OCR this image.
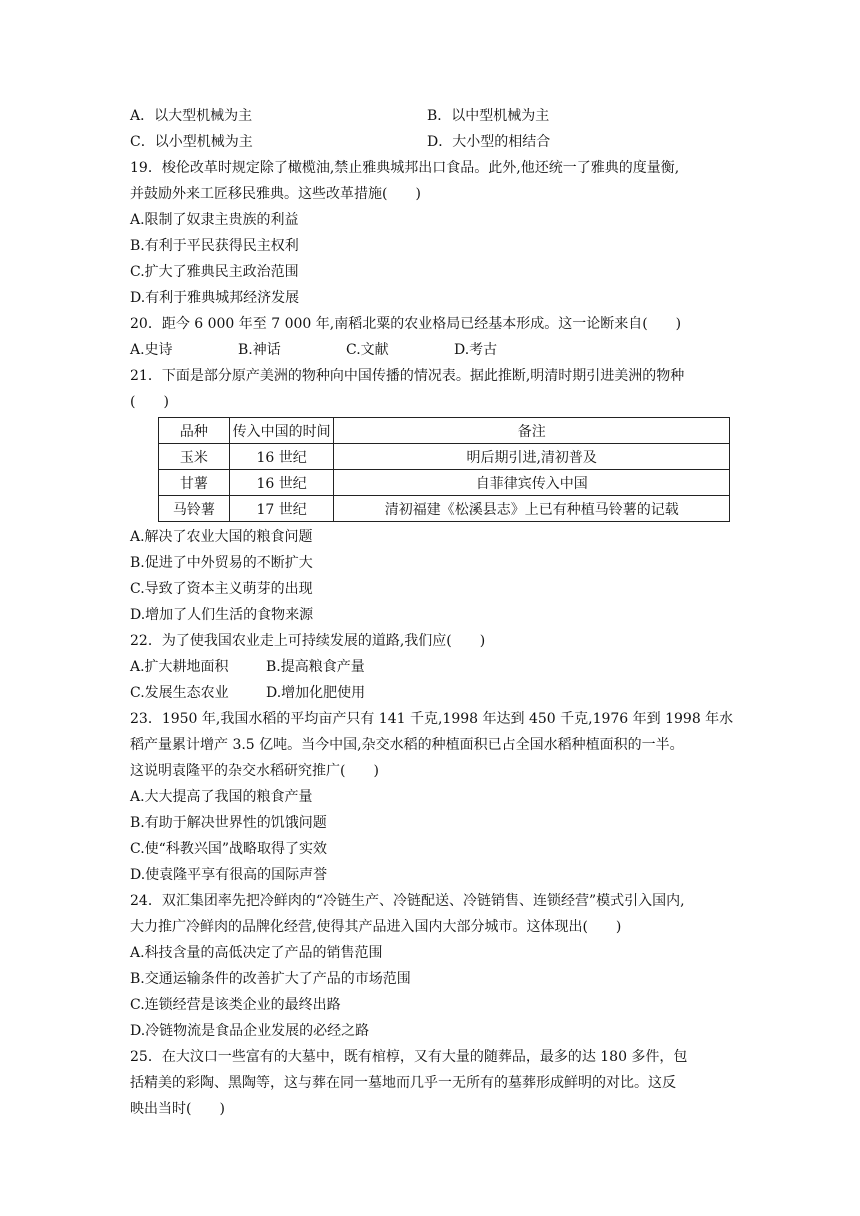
A．以大型机械为主	B．以中型机械为主
C．以小型机械为主	D．大小型的相结合
19．梭伦改革时规定除了橄榄油,禁止雅典城邦出口食品。此外,他还统一了雅典的度量衡,
并鼓励外来工匠移民雅典。这些改革措施(　　)
A.限制了奴隶主贵族的利益
B.有利于平民获得民主权利
C.扩大了雅典民主政治范围
D.有利于雅典城邦经济发展
20．距今 6 000 年至 7 000 年,南稻北粟的农业格局已经基本形成。这一论断来自(　　)
A.史诗	B.神话	C.文献	D.考古
21．下面是部分原产美洲的物种向中国传播的情况表。据此推断,明清时期引进美洲的物种
(　　)
品种	传入中国的时间	备注
玉米	16 世纪	明后期引进,清初普及
甘薯	16 世纪	自菲律宾传入中国
马铃薯	17 世纪	清初福建《松溪县志》上已有种植马铃薯的记载
A.解决了农业大国的粮食问题
B.促进了中外贸易的不断扩大
C.导致了资本主义萌芽的出现
D.增加了人们生活的食物来源
22．为了使我国农业走上可持续发展的道路,我们应(　　)
A.扩大耕地面积	B.提高粮食产量
C.发展生态农业	D.增加化肥使用
23．1950 年,我国水稻的平均亩产只有 141 千克,1998 年达到 450 千克,1976 年到 1998 年水
稻产量累计增产 3.5 亿吨。当今中国,杂交水稻的种植面积已占全国水稻种植面积的一半。
这说明袁隆平的杂交水稻研究推广(　　)
A.大大提高了我国的粮食产量
B.有助于解决世界性的饥饿问题
C.使“科教兴国”战略取得了实效
D.使袁隆平享有很高的国际声誉
24．双汇集团率先把冷鲜肉的“冷链生产、冷链配送、冷链销售、连锁经营”模式引入国内,
大力推广冷鲜肉的品牌化经营,使得其产品进入国内大部分城市。这体现出(　　)
A.科技含量的高低决定了产品的销售范围
B.交通运输条件的改善扩大了产品的市场范围
C.连锁经营是该类企业的最终出路
D.冷链物流是食品企业发展的必经之路
25．在大汶口一些富有的大墓中，既有棺椁，又有大量的随葬品，最多的达 180 多件，包
括精美的彩陶、黑陶等，这与葬在同一墓地而几乎一无所有的墓葬形成鲜明的对比。这反
映出当时(　　)
